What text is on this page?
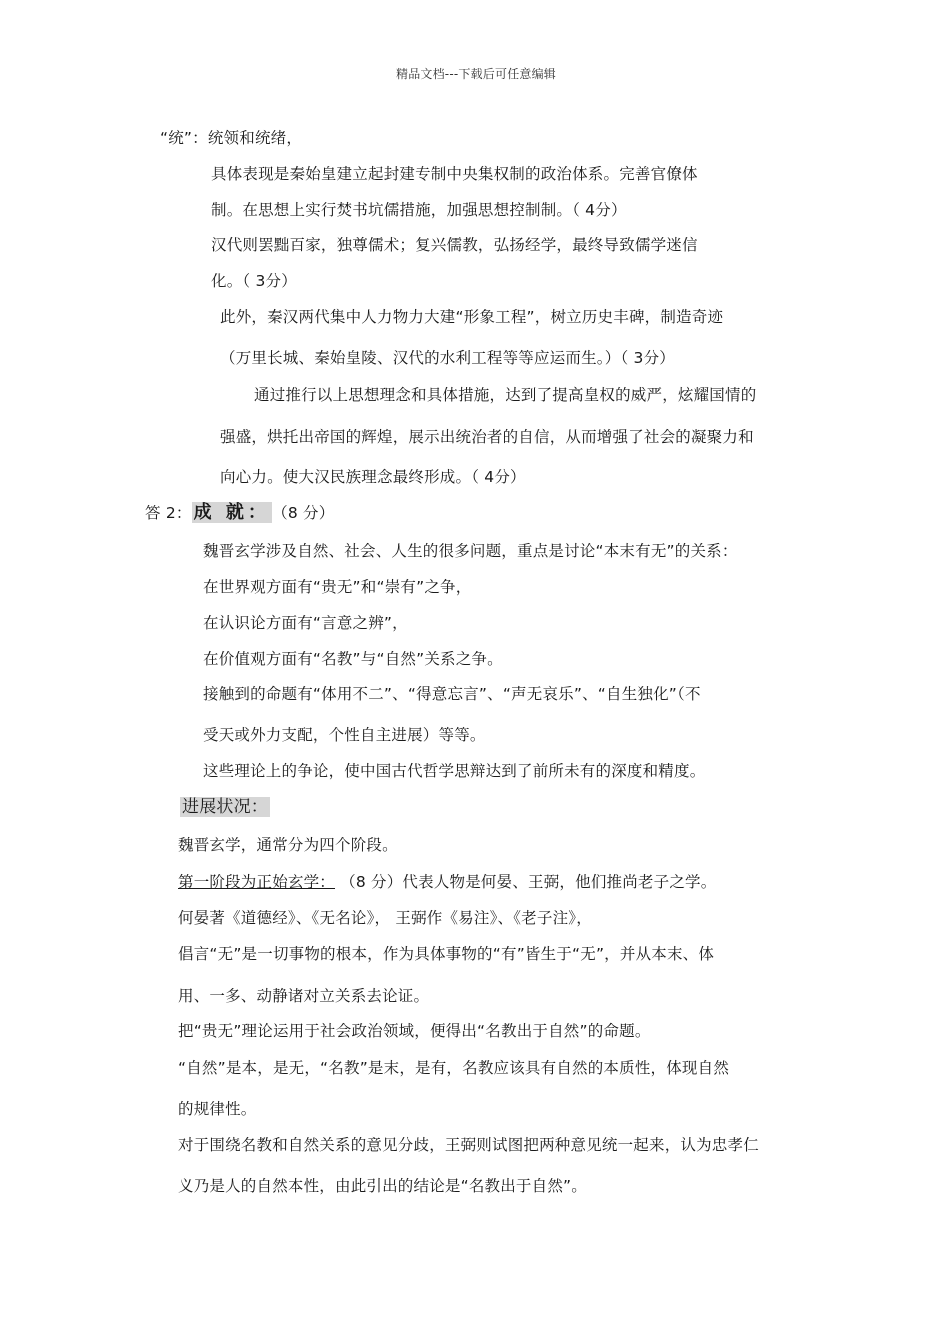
精品文档---下载后可任意编辑
“统”：统领和统绪，
具体表现是秦始皇建立起封建专制中央集权制的政治体系。完善官僚体
制。在思想上实行焚书坑儒措施，加强思想控制制。（ 4分）
汉代则罢黜百家，独尊儒术；复兴儒教，弘扬经学，最终导致儒学迷信
化。（ 3分）
此外，秦汉两代集中人力物力大建“形象工程”，树立历史丰碑，制造奇迹
（万里长城、秦始皇陵、汉代的水利工程等等应运而生。）（ 3分）
通过推行以上思想理念和具体措施，达到了提高皇权的威严，炫耀国情的
强盛，烘托出帝国的辉煌，展示出统治者的自信，从而增强了社会的凝聚力和
向心力。使大汉民族理念最终形成。（ 4分）
答 2： 成 就： （8 分）
魏晋玄学涉及自然、社会、人生的很多问题，重点是讨论“本末有无”的关系：
在世界观方面有“贵无”和“崇有”之争，
在认识论方面有“言意之辨”，
在价值观方面有“名教”与“自然”关系之争。
接触到的命题有“体用不二”、“得意忘言”、“声无哀乐”、“自生独化”（不
受天或外力支配，个性自主进展）等等。
这些理论上的争论，使中国古代哲学思辩达到了前所未有的深度和精度。
进展状况：
魏晋玄学，通常分为四个阶段。
第一阶段为正始玄学： （8 分）代表人物是何晏、王弼，他们推尚老子之学。
何晏著《道德经》、《无名论》， 王弼作《易注》、《老子注》，
倡言“无”是一切事物的根本，作为具体事物的“有”皆生于“无”，并从本末、体
用、一多、动静诸对立关系去论证。
把“贵无”理论运用于社会政治领域，便得出“名教出于自然”的命题。
“自然”是本，是无，“名教”是末，是有，名教应该具有自然的本质性，体现自然
的规律性。
对于围绕名教和自然关系的意见分歧，王弼则试图把两种意见统一起来，认为忠孝仁
义乃是人的自然本性，由此引出的结论是“名教出于自然”。
